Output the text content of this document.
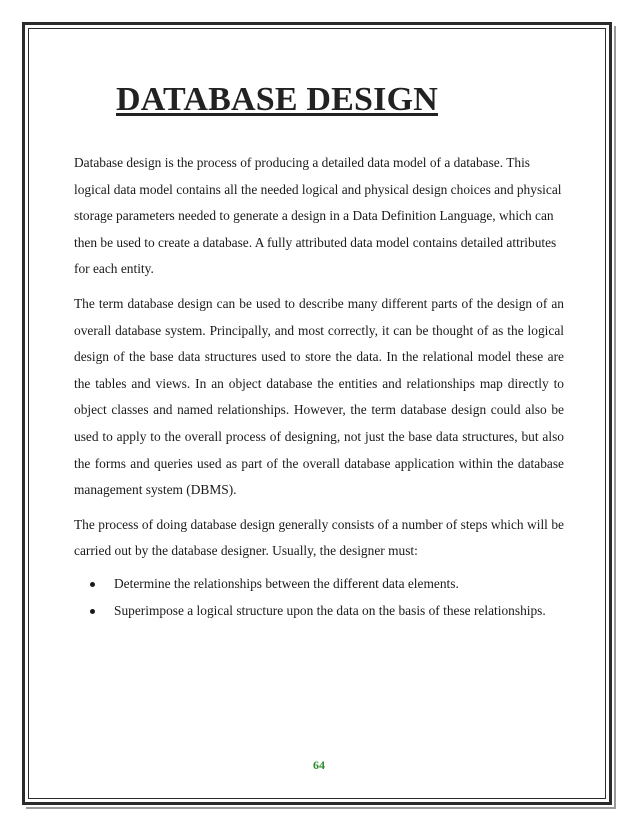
DATABASE DESIGN

Database design is the process of producing a detailed data model of a database. This logical data model contains all the needed logical and physical design choices and physical storage parameters needed to generate a design in a Data Definition Language, which can then be used to create a database. A fully attributed data model contains detailed attributes for each entity.

The term database design can be used to describe many different parts of the design of an overall database system. Principally, and most correctly, it can be thought of as the logical design of the base data structures used to store the data. In the relational model these are the tables and views. In an object database the entities and relationships map directly to object classes and named relationships. However, the term database design could also be used to apply to the overall process of designing, not just the base data structures, but also the forms and queries used as part of the overall database application within the database management system (DBMS).

The process of doing database design generally consists of a number of steps which will be carried out by the database designer. Usually, the designer must:

Determine the relationships between the different data elements.
Superimpose a logical structure upon the data on the basis of these relationships.
64
